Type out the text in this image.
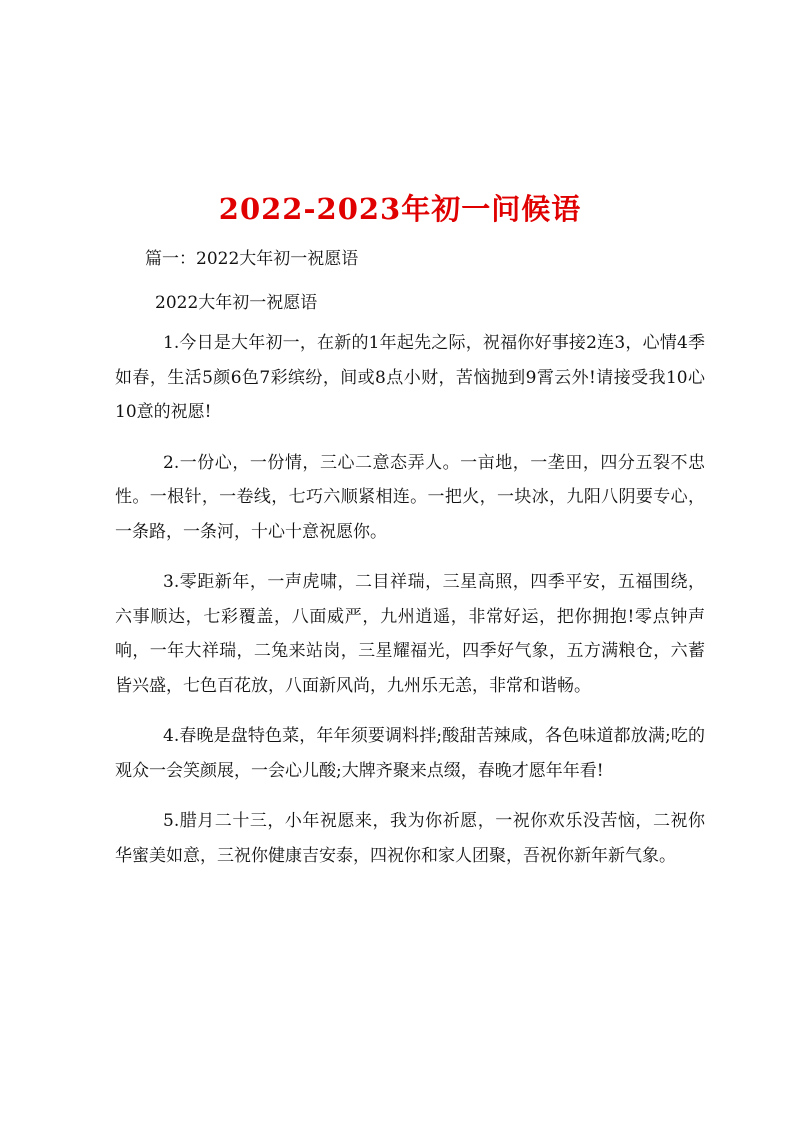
2022-2023年初一问候语

篇一：2022大年初一祝愿语

2022大年初一祝愿语

1.今日是大年初一，在新的1年起先之际，祝福你好事接2连3，心情4季如春，生活5颜6色7彩缤纷，间或8点小财，苦恼抛到9霄云外!请接受我10心10意的祝愿!

2.一份心，一份情，三心二意态弄人。一亩地，一垄田，四分五裂不忠性。一根针，一卷线，七巧六顺紧相连。一把火，一块冰，九阳八阴要专心，一条路，一条河，十心十意祝愿你。

3.零距新年，一声虎啸，二目祥瑞，三星高照，四季平安，五福围绕，六事顺达，七彩覆盖，八面威严，九州逍遥，非常好运，把你拥抱!零点钟声响，一年大祥瑞，二兔来站岗，三星耀福光，四季好气象，五方满粮仓，六蓄皆兴盛，七色百花放，八面新风尚，九州乐无恙，非常和谐畅。

4.春晚是盘特色菜，年年须要调料拌;酸甜苦辣咸，各色味道都放满;吃的观众一会笑颜展，一会心儿酸;大牌齐聚来点缀，春晚才愿年年看!

5.腊月二十三，小年祝愿来，我为你祈愿，一祝你欢乐没苦恼，二祝你华蜜美如意，三祝你健康吉安泰，四祝你和家人团聚，吾祝你新年新气象。
